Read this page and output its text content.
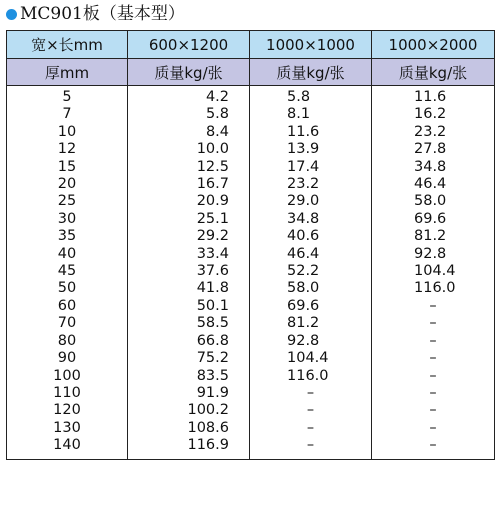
MC901板（基本型）
宽×长mm	600×1200	1000×1000	1000×2000
厚mm	质量kg/张	质量kg/张	质量kg/张
5	4.2	5.8	11.6
7	5.8	8.1	16.2
10	8.4	11.6	23.2
12	10.0	13.9	27.8
15	12.5	17.4	34.8
20	16.7	23.2	46.4
25	20.9	29.0	58.0
30	25.1	34.8	69.6
35	29.2	40.6	81.2
40	33.4	46.4	92.8
45	37.6	52.2	104.4
50	41.8	58.0	116.0
60	50.1	69.6	–
70	58.5	81.2	–
80	66.8	92.8	–
90	75.2	104.4	–
100	83.5	116.0	–
110	91.9	–	–
120	100.2	–	–
130	108.6	–	–
140	116.9	–	–
